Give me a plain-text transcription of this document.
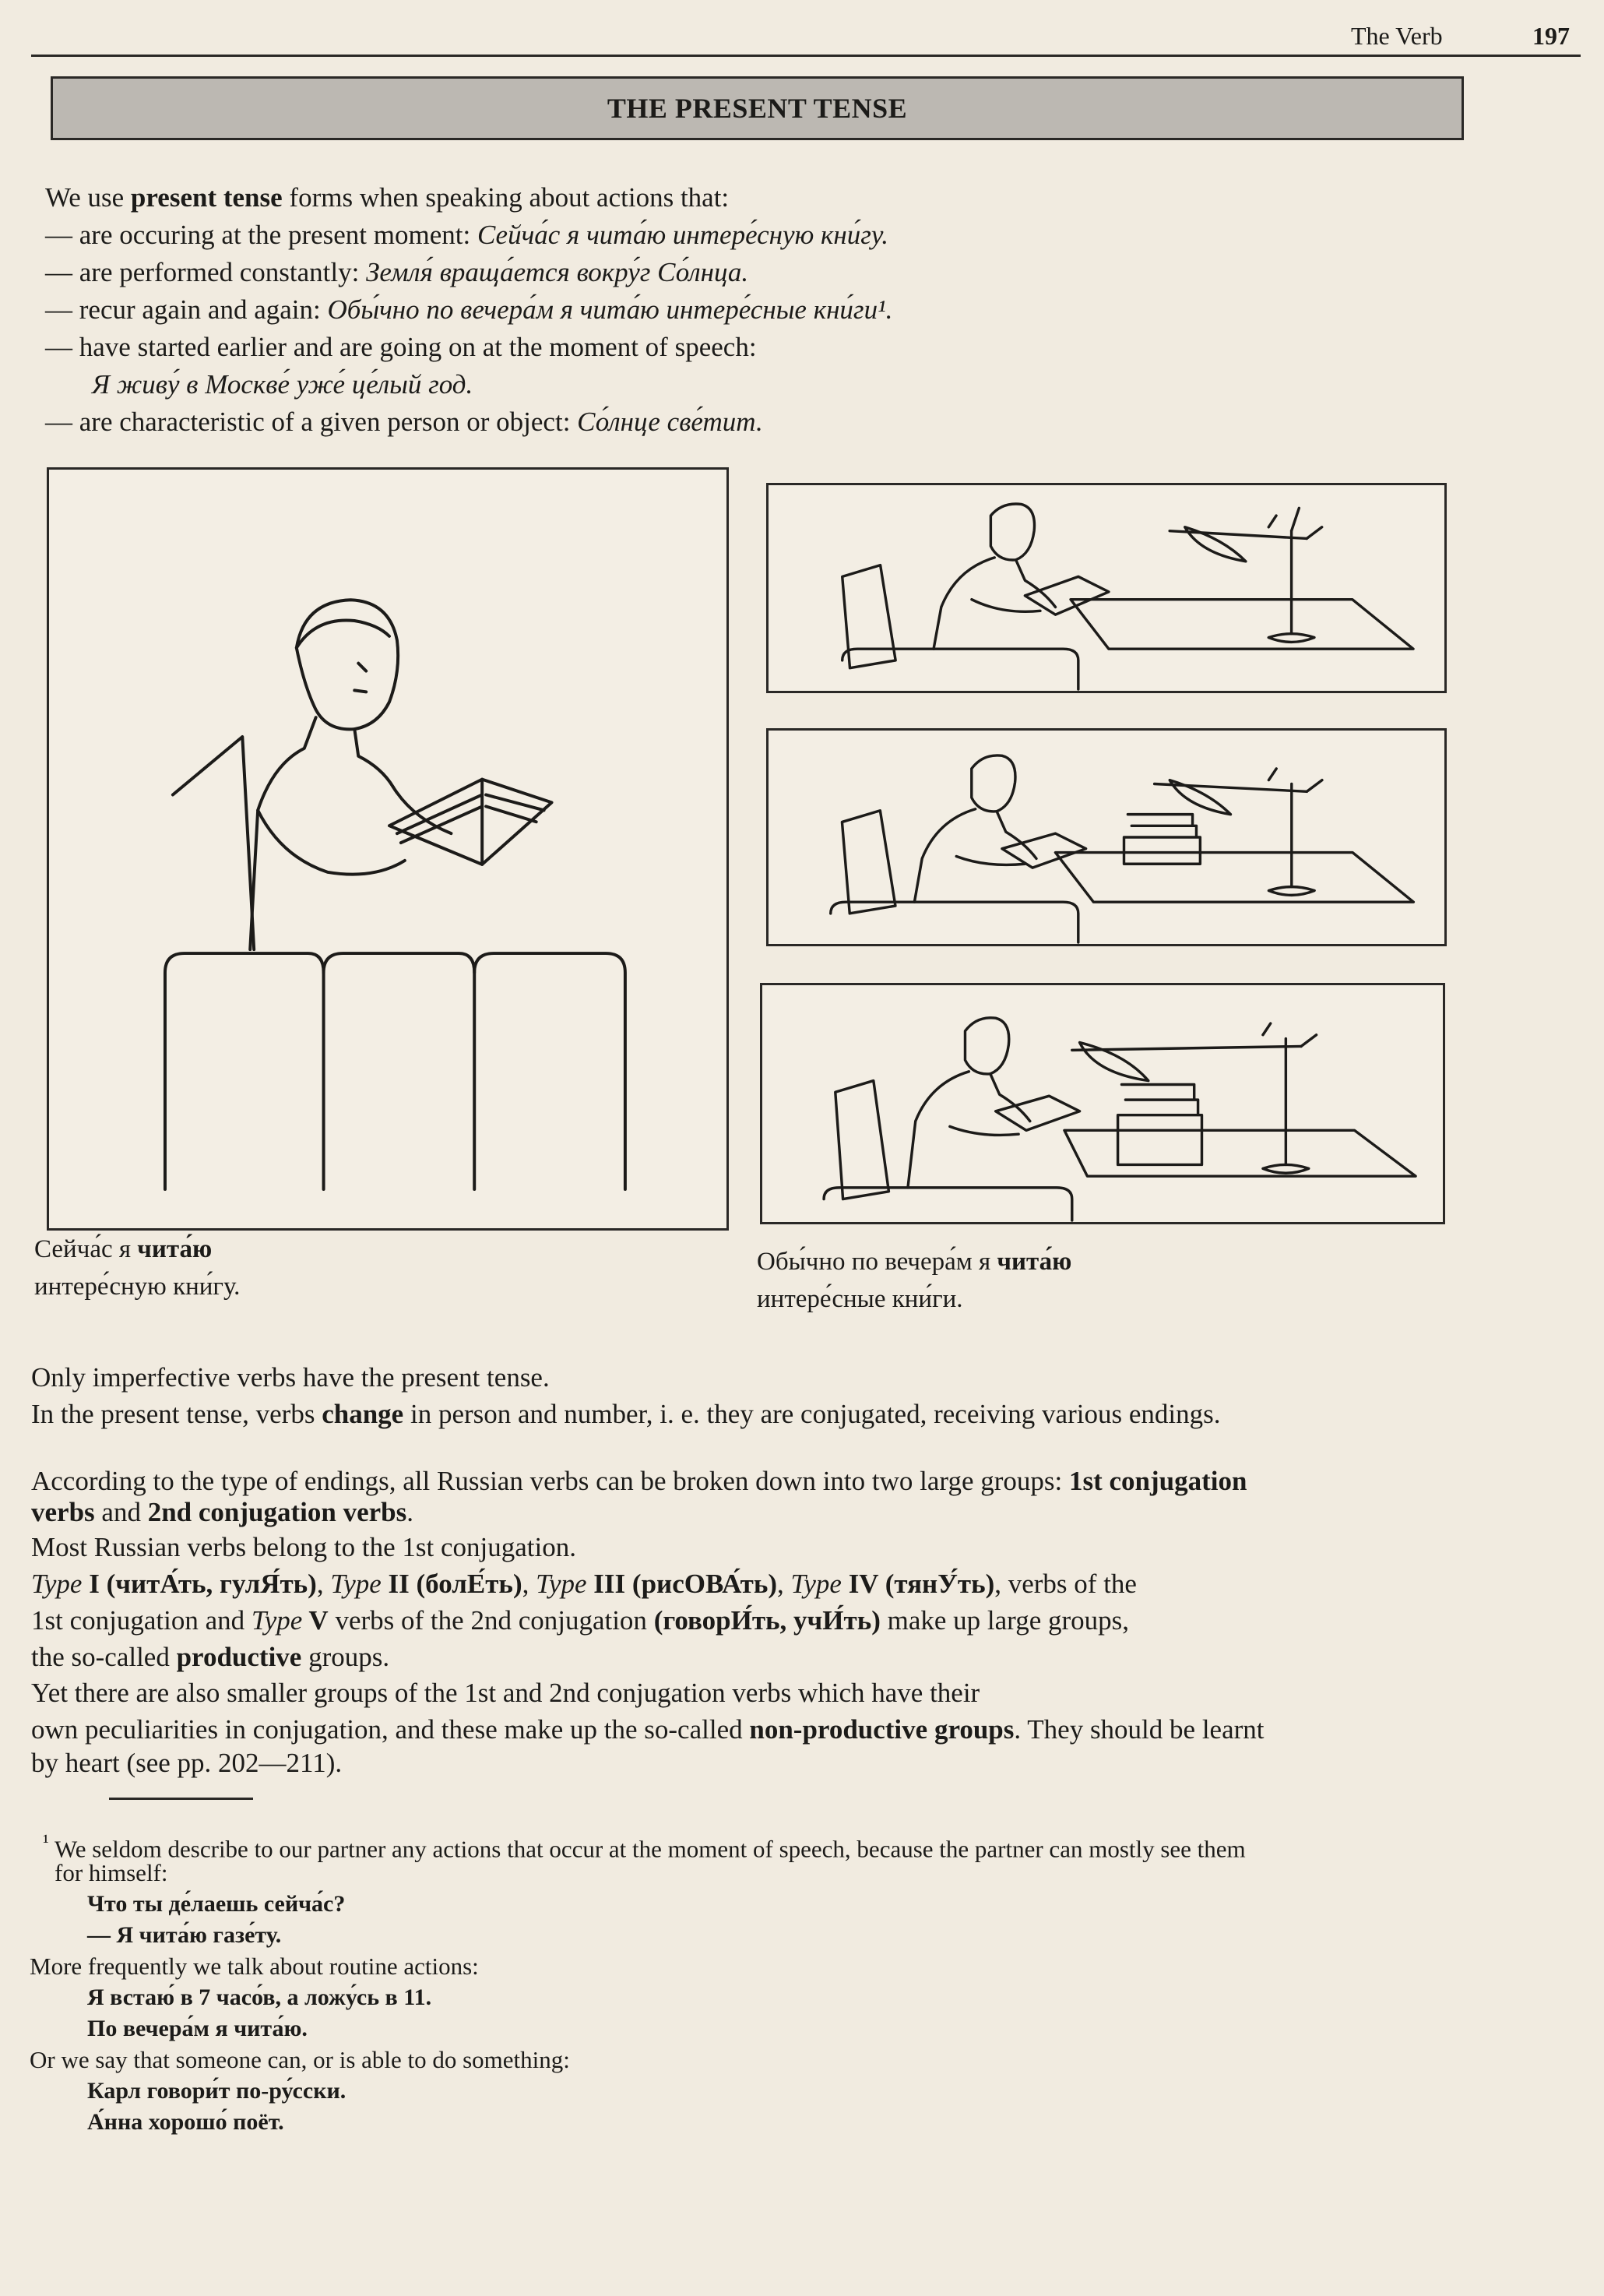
The Verb	197
THE PRESENT TENSE
We use present tense forms when speaking about actions that:
— are occuring at the present moment: Сейча́с я чита́ю интере́сную кни́гу.
— are performed constantly: Земля́ враща́ется вокру́г Со́лнца.
— recur again and again: Обы́чно по вечера́м я чита́ю интере́сные кни́ги¹.
— have started earlier and are going on at the moment of speech:
Я живу́ в Москве́ уже́ це́лый год.
— are characteristic of a given person or object: Со́лнце све́тит.
Сейча́с я чита́ю
интере́сную кни́гу.
Обы́чно по вечера́м я чита́ю
интере́сные кни́ги.
Only imperfective verbs have the present tense.
In the present tense, verbs change in person and number, i. e. they are conjugated, receiving various endings.
According to the type of endings, all Russian verbs can be broken down into two large groups: 1st conjugation
verbs and 2nd conjugation verbs.
Most Russian verbs belong to the 1st conjugation.
Type I (читА́ть, гулЯ́ть), Type II (болЕ́ть), Type III (рисОВА́ть), Type IV (тянУ́ть), verbs of the
1st conjugation and Type V verbs of the 2nd conjugation (говорИ́ть, учИ́ть) make up large groups,
the so-called productive groups.
Yet there are also smaller groups of the 1st and 2nd conjugation verbs which have their
own peculiarities in conjugation, and these make up the so-called non-productive groups. They should be learnt
by heart (see pp. 202—211).
$^{^1}$ We seldom describe to our partner any actions that occur at the moment of speech, because the partner can mostly see them
for himself:
Что ты де́лаешь сейча́с?
— Я чита́ю газе́ту.
More frequently we talk about routine actions:
Я встаю́ в 7 часо́в, а ложу́сь в 11.
По вечера́м я чита́ю.
Or we say that someone can, or is able to do something:
Карл говори́т по-ру́сски.
А́нна хорошо́ поёт.
